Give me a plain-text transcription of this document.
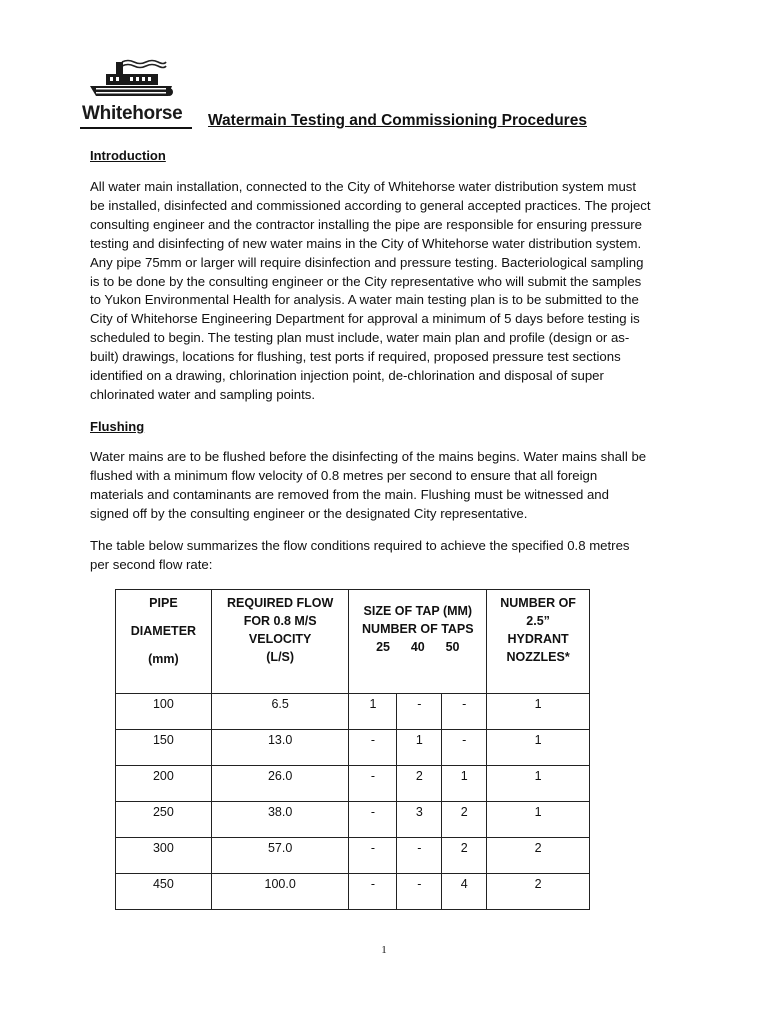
Whitehorse Watermain Testing and Commissioning Procedures
Introduction
All water main installation, connected to the City of Whitehorse water distribution system must
be installed, disinfected and commissioned according to general accepted practices. The project
consulting engineer and the contractor installing the pipe are responsible for ensuring pressure
testing and disinfecting of new water mains in the City of Whitehorse water distribution system.
Any pipe 75mm or larger will require disinfection and pressure testing. Bacteriological sampling
is to be done by the consulting engineer or the City representative who will submit the samples
to Yukon Environmental Health for analysis. A water main testing plan is to be submitted to the
City of Whitehorse Engineering Department for approval a minimum of 5 days before testing is
scheduled to begin. The testing plan must include, water main plan and profile (design or as-
built) drawings, locations for flushing, test ports if required, proposed pressure test sections
identified on a drawing, chlorination injection point, de-chlorination and disposal of super
chlorinated water and sampling points.
Flushing
Water mains are to be flushed before the disinfecting of the mains begins. Water mains shall be
flushed with a minimum flow velocity of 0.8 metres per second to ensure that all foreign
materials and contaminants are removed from the main. Flushing must be witnessed and
signed off by the consulting engineer or the designated City representative.
The table below summarizes the flow conditions required to achieve the specified 0.8 metres
per second flow rate:
PIPE
DIAMETER
(mm)	REQUIRED FLOW
FOR 0.8 M/S
VELOCITY
(L/S)	SIZE OF TAP (MM)
NUMBER OF TAPS
25 40 50			NUMBER OF
2.5”
HYDRANT
NOZZLES*

100	6.5	1	-	-	1
150	13.0	-	1	-	1
200	26.0	-	2	1	1
250	38.0	-	3	2	1
300	57.0	-	-	2	2
450	100.0	-	-	4	2
1
